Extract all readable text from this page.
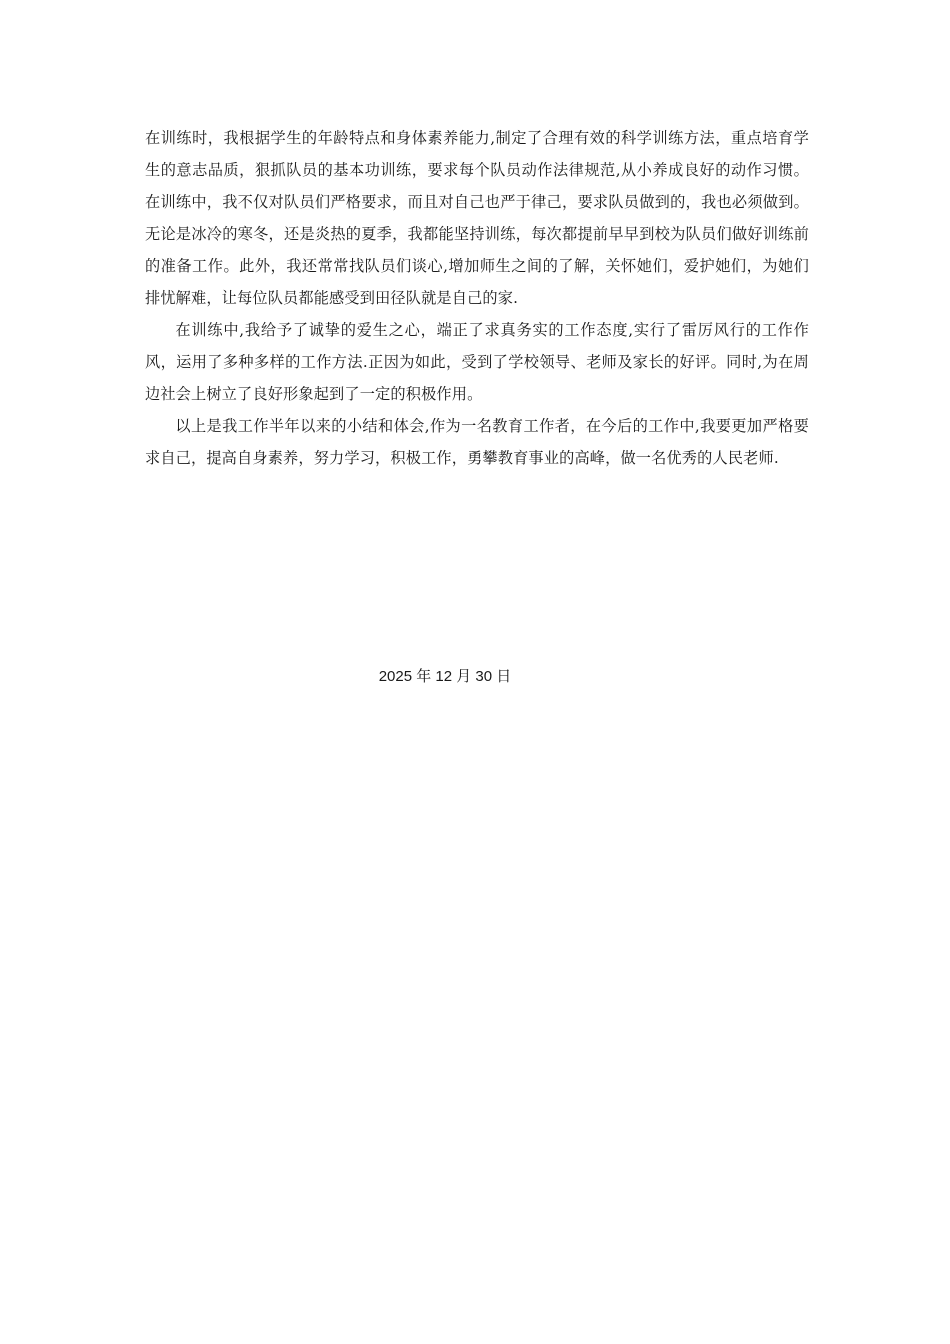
在训练时，我根据学生的年龄特点和身体素养能力,制定了合理有效的科学训练方法，重点培育学生的意志品质，狠抓队员的基本功训练，要求每个队员动作法律规范,从小养成良好的动作习惯。在训练中，我不仅对队员们严格要求，而且对自己也严于律己，要求队员做到的，我也必须做到。无论是冰冷的寒冬，还是炎热的夏季，我都能坚持训练，每次都提前早早到校为队员们做好训练前的准备工作。此外，我还常常找队员们谈心,增加师生之间的了解，关怀她们，爱护她们，为她们排忧解难，让每位队员都能感受到田径队就是自己的家.

在训练中,我给予了诚挚的爱生之心，端正了求真务实的工作态度,实行了雷厉风行的工作作风，运用了多种多样的工作方法.正因为如此，受到了学校领导、老师及家长的好评。同时,为在周边社会上树立了良好形象起到了一定的积极作用。

以上是我工作半年以来的小结和体会,作为一名教育工作者，在今后的工作中,我要更加严格要求自己，提高自身素养，努力学习，积极工作，勇攀教育事业的高峰，做一名优秀的人民老师.

2025 年 12 月 30 日
